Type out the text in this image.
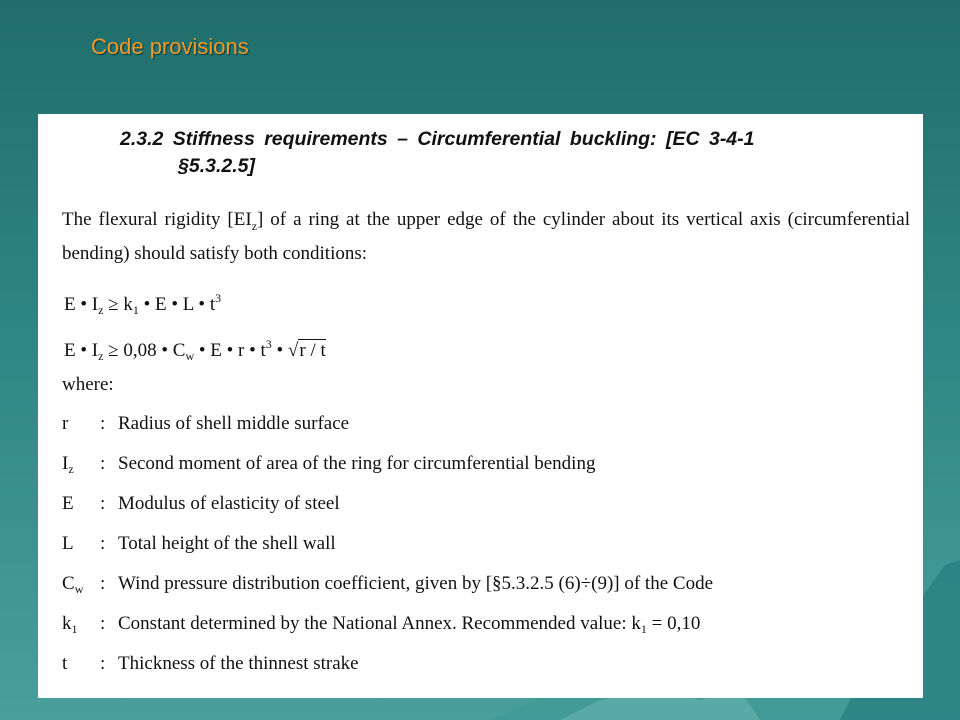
Code provisions
2.3.2 Stiffness requirements – Circumferential buckling: [EC 3-4-1
§5.3.2.5]
The flexural rigidity $[EI_z]$ of a ring at the upper edge of the cylinder about its vertical axis (circumferential bending) should satisfy both conditions:
E • $I_z \ge k_1$ • E • L • $t^3$
E • $I_z \ge 0,08$ • $C_w$ • E • r • $t^3$ • √r / t
where:
r : Radius of shell middle surface
$I_z$ : Second moment of area of the ring for circumferential bending
E : Modulus of elasticity of steel
L : Total height of the shell wall
$C_w$ : Wind pressure distribution coefficient, given by [§5.3.2.5 (6)÷(9)] of the Code
$k_1$ : Constant determined by the National Annex. Recommended value: $k_1 = 0,10$
t : Thickness of the thinnest strake
